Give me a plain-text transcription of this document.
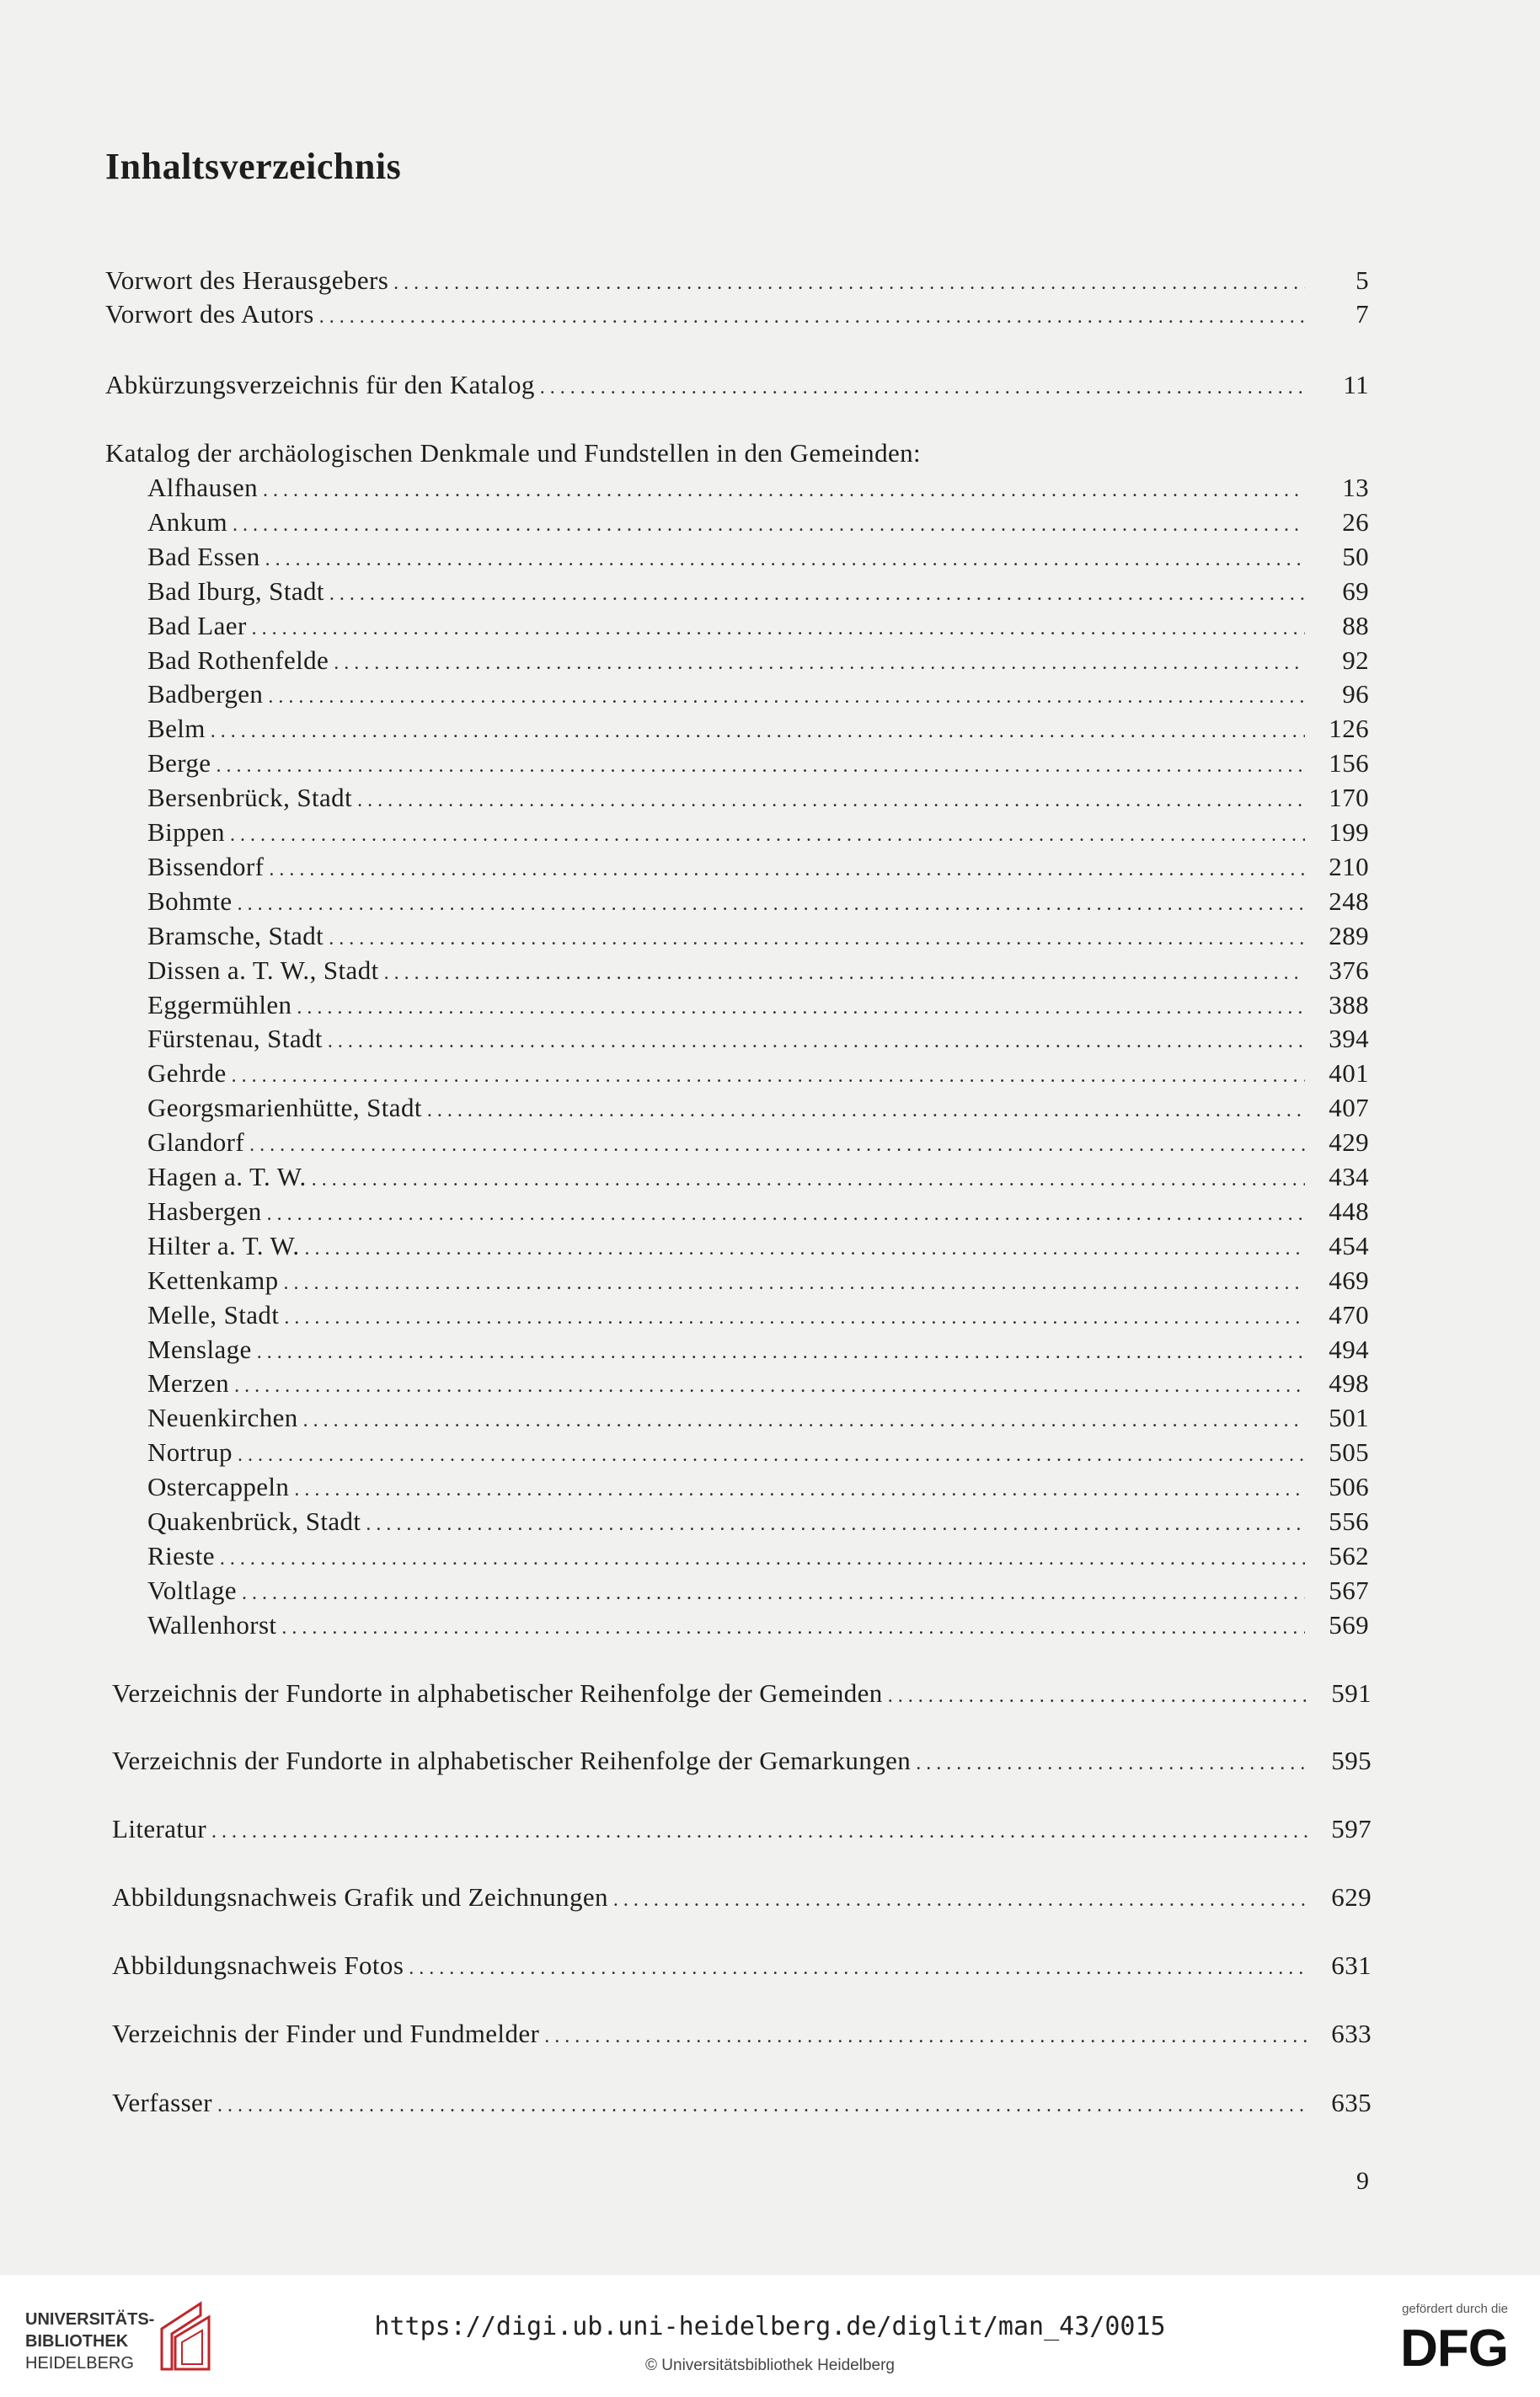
Inhaltsverzeichnis
Vorwort des Herausgebers . . .	5
Vorwort des Autors . . .	7
Abkürzungsverzeichnis für den Katalog . . .	11
Katalog der archäologischen Denkmale und Fundstellen in den Gemeinden:
Alfhausen . . .	13
Ankum . . .	26
Bad Essen . . .	50
Bad Iburg, Stadt . . .	69
Bad Laer . . .	88
Bad Rothenfelde . . .	92
Badbergen . . .	96
Belm . . .	126
Berge . . .	156
Bersenbrück, Stadt . . .	170
Bippen . . .	199
Bissendorf . . .	210
Bohmte . . .	248
Bramsche, Stadt . . .	289
Dissen a. T. W., Stadt . . .	376
Eggermühlen . . .	388
Fürstenau, Stadt . . .	394
Gehrde . . .	401
Georgsmarienhütte, Stadt . . .	407
Glandorf . . .	429
Hagen a. T. W. . . .	434
Hasbergen . . .	448
Hilter a. T. W. . . .	454
Kettenkamp . . .	469
Melle, Stadt . . .	470
Menslage . . .	494
Merzen . . .	498
Neuenkirchen . . .	501
Nortrup . . .	505
Ostercappeln . . .	506
Quakenbrück, Stadt . . .	556
Rieste . . .	562
Voltlage . . .	567
Wallenhorst . . .	569
Verzeichnis der Fundorte in alphabetischer Reihenfolge der Gemeinden . . .	591
Verzeichnis der Fundorte in alphabetischer Reihenfolge der Gemarkungen . . .	595
Literatur . . .	597
Abbildungsnachweis Grafik und Zeichnungen . . .	629
Abbildungsnachweis Fotos . . .	631
Verzeichnis der Finder und Fundmelder . . .	633
Verfasser . . .	635
9
UNIVERSITÄTS-
BIBLIOTHEK
HEIDELBERG
https://digi.ub.uni-heidelberg.de/diglit/man_43/0015
© Universitätsbibliothek Heidelberg
gefördert durch die
DFG
